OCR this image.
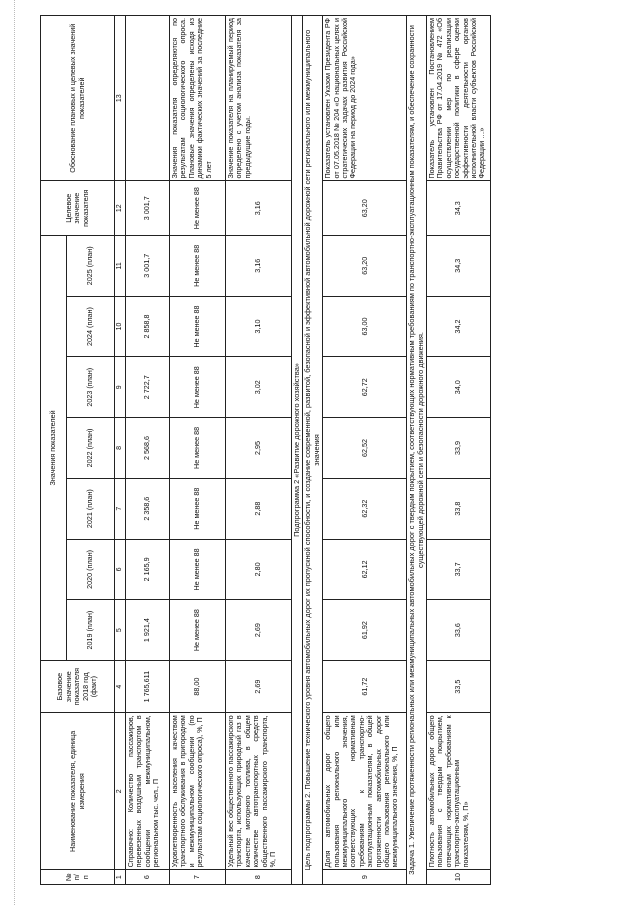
№ п/п	Наименование показателя, единица измерения	Базовое значение показателя 2018 год (факт)	Значения показателей							Целевое значение показателя	Обоснование плановых и целевых значений показателей
			2019 (план)	2020 (план)	2021 (план)	2022 (план)	2023 (план)	2024 (план)	2025 (план)		
1	2	4	5	6	7	8	9	10	11	12	13
6	Справочно: Количество пассажиров, перевезенных воздушным транспортом в сообщении межмуниципальном, региональном тыс. чел., П	1 765,611	1 921,4	2 165,9	2 358,6	2 568,6	2 722,7	2 858,8	3 001,7	3 001,7	
7	Удовлетворенность населения качеством транспортного обслуживания в пригородном и межмуниципальном сообщении (по результатам социологического опроса), %, П	88,00	Не менее 88	Не менее 88	Не менее 88	Не менее 88	Не менее 88	Не менее 88	Не менее 88	Не менее 88	Значения показателя определяются по результатам социологического опроса. Плановые значения определены исходя из динамики фактических значений за последние 5 лет
8	Удельный вес общественного пассажирского транспорта, использующих природный газ в качестве моторного топлива, в общем количестве автотранспортных средств общественного пассажирского транспорта, %, П	2,69	2,69	2,80	2,88	2,95	3,02	3,10	3,16	3,16	Значение показателя на планируемый период определено с учетом анализа показателя за предыдущие годы.
Подпрограмма 2 «Развитие дорожного хозяйства»											
Цель подпрограммы 2. Повышение технического уровня автомобильных дорог их пропускной способности, и создание современной, развитой, безопасной и эффективной автомобильной дорожной сети регионального или межмуниципального значения											
9	Доля автомобильных дорог общего пользования регионального или межмуниципального значения, соответствующих нормативным требованиям к транспортно-эксплуатационным показателям, в общей протяженности автомобильных дорог общего пользования регионального или межмуниципального значения, %, П	61,72	61,92	62,12	62,32	62,52	62,72	63,00	63,20	63,20	Показатель установлен Указом Президента РФ от 07.05.2018 № 204 «О национальных целях и стратегических задачах развития Российской Федерации на период до 2024 года»
Задача 1. Увеличение протяженности региональных или межмуниципальных автомобильных дорог с твердым покрытием, соответствующих нормативным требованиям по транспортно-эксплуатационным показателям, и обеспечение сохранности существующей дорожной сети и безопасности дорожного движения.											
10	Плотность автомобильных дорог общего пользования с твердым покрытием, отвечающих нормативным требованиям к транспортно-эксплуатационным показателям, %, П»	33,5	33,6	33,7	33,8	33,9	34,0	34,2	34,3	34,3	Показатель установлен Постановлением Правительства РФ от 17.04.2019 № 472 «Об осуществлении мер по реализации государственной политики в сфере оценки эффективности деятельности органов исполнительной власти субъектов Российской Федерации …»
